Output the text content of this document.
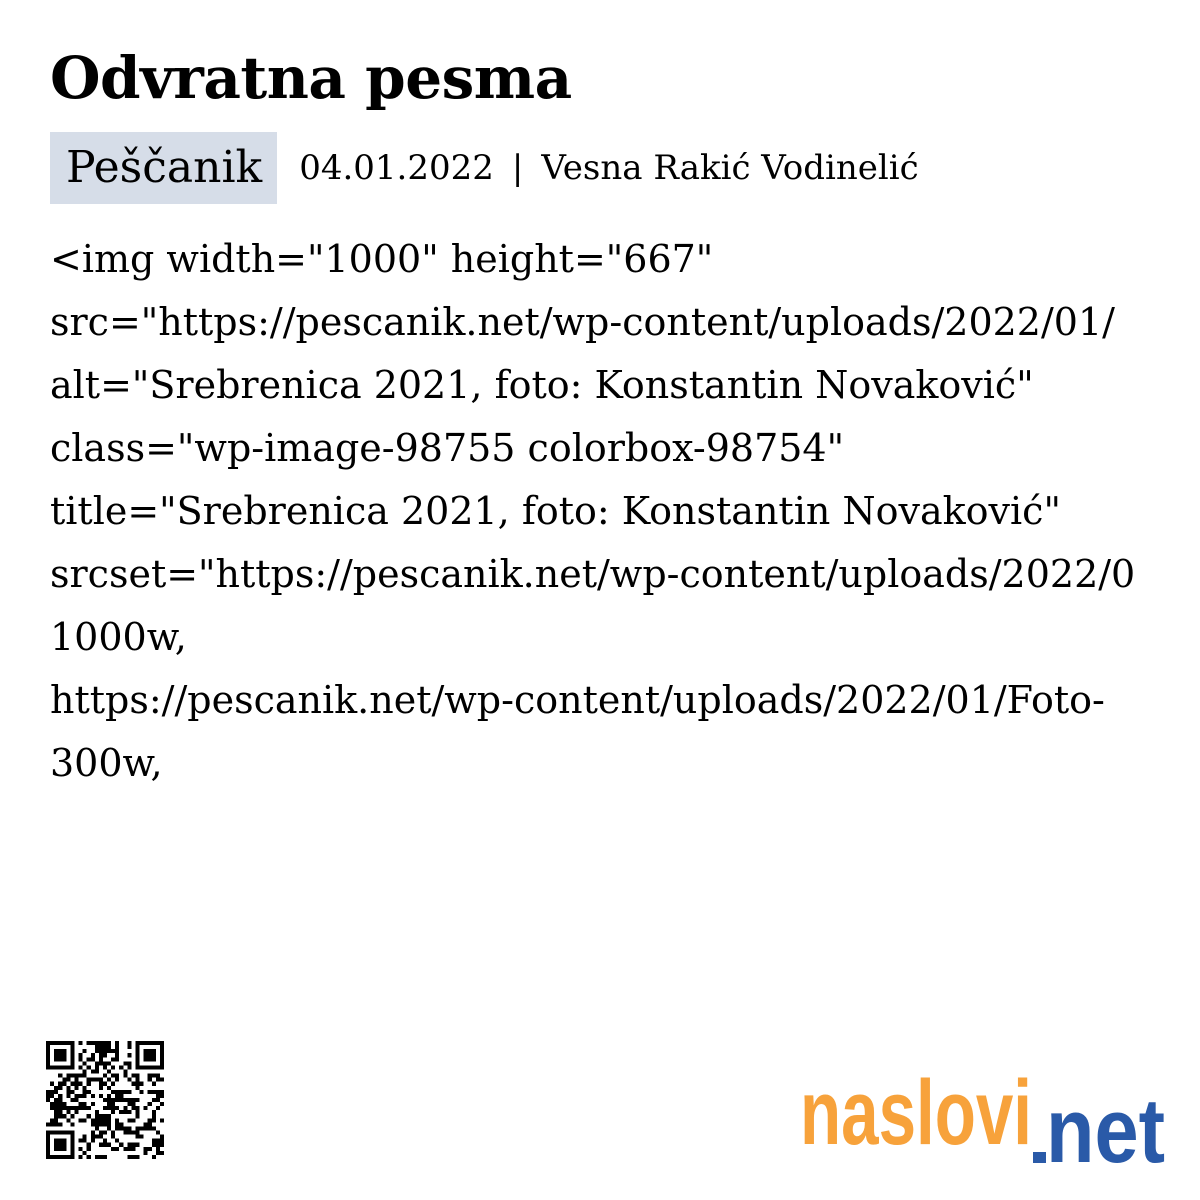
Odvratna pesma
Peščanik	04.01.2022 | Vesna Rakić Vodinelić
<img width="1000" height="667"
src="https://pescanik.net/wp-content/uploads/2022/01/
alt="Srebrenica 2021, foto: Konstantin Novaković"
class="wp-image-98755 colorbox-98754"
title="Srebrenica 2021, foto: Konstantin Novaković"
srcset="https://pescanik.net/wp-content/uploads/2022/0
1000w,
https://pescanik.net/wp-content/uploads/2022/01/Foto-
300w,
naslovi net
